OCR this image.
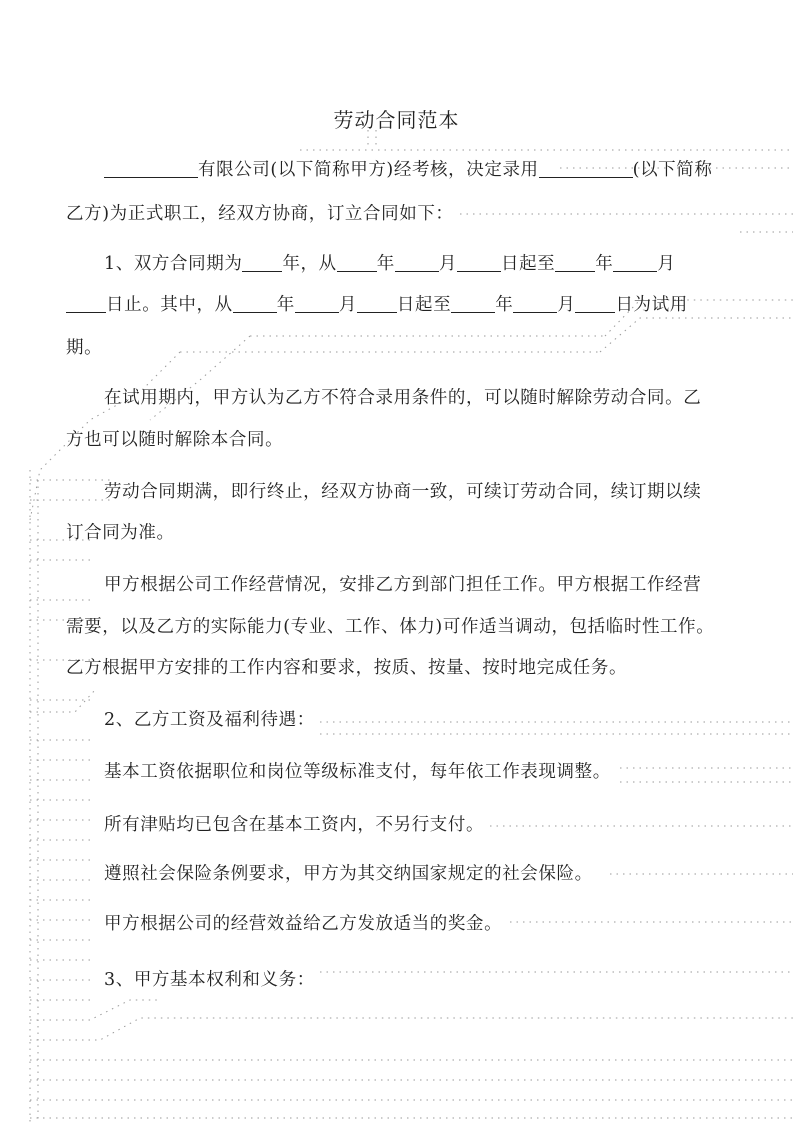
劳动合同范本
有限公司(以下简称甲方)经考核，决定录用	(以下简称
乙方)为正式职工，经双方协商，订立合同如下：
1、双方合同期为 年，从 年	月	日起至 年	月
日止。其中，从	年	月 日起至	年	月 日为试用
期。
在试用期内，甲方认为乙方不符合录用条件的，可以随时解除劳动合同。乙
方也可以随时解除本合同。
劳动合同期满，即行终止，经双方协商一致，可续订劳动合同，续订期以续
订合同为准。
甲方根据公司工作经营情况，安排乙方到部门担任工作。甲方根据工作经营
需要，以及乙方的实际能力(专业、工作、体力)可作适当调动，包括临时性工作。
乙方根据甲方安排的工作内容和要求，按质、按量、按时地完成任务。
2、乙方工资及福利待遇：
基本工资依据职位和岗位等级标准支付，每年依工作表现调整。
所有津贴均已包含在基本工资内，不另行支付。
遵照社会保险条例要求，甲方为其交纳国家规定的社会保险。
甲方根据公司的经营效益给乙方发放适当的奖金。
3、甲方基本权利和义务：
